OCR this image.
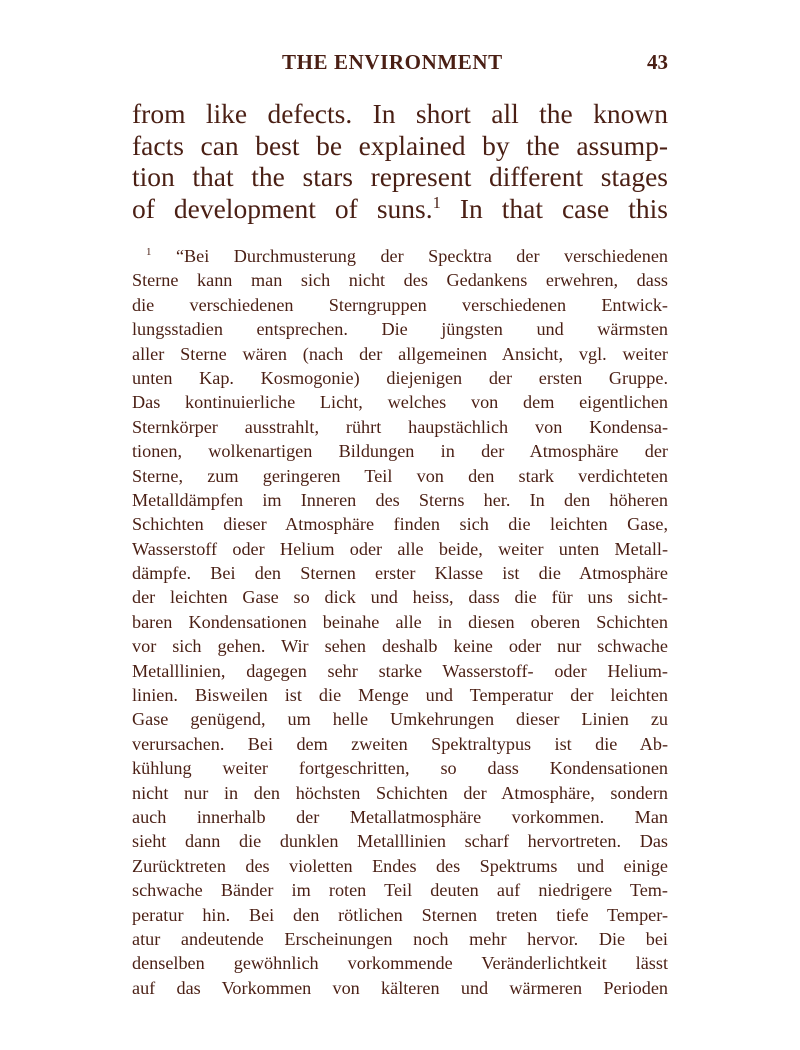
THE ENVIRONMENT	43
from like defects. In short all the known
facts can best be explained by the assump-
tion that the stars represent different stages
of development of suns.$^1$ In that case this
$^1$ “Bei Durchmusterung der Specktra der verschiedenen
Sterne kann man sich nicht des Gedankens erwehren, dass
die verschiedenen Sterngruppen verschiedenen Entwick-
lungsstadien entsprechen. Die jüngsten und wärmsten
aller Sterne wären (nach der allgemeinen Ansicht, vgl. weiter
unten Kap. Kosmogonie) diejenigen der ersten Gruppe.
Das kontinuierliche Licht, welches von dem eigentlichen
Sternkörper ausstrahlt, rührt haupstächlich von Kondensa-
tionen, wolkenartigen Bildungen in der Atmosphäre der
Sterne, zum geringeren Teil von den stark verdichteten
Metalldämpfen im Inneren des Sterns her. In den höheren
Schichten dieser Atmosphäre finden sich die leichten Gase,
Wasserstoff oder Helium oder alle beide, weiter unten Metall-
dämpfe. Bei den Sternen erster Klasse ist die Atmosphäre
der leichten Gase so dick und heiss, dass die für uns sicht-
baren Kondensationen beinahe alle in diesen oberen Schichten
vor sich gehen. Wir sehen deshalb keine oder nur schwache
Metalllinien, dagegen sehr starke Wasserstoff- oder Helium-
linien. Bisweilen ist die Menge und Temperatur der leichten
Gase genügend, um helle Umkehrungen dieser Linien zu
verursachen. Bei dem zweiten Spektraltypus ist die Ab-
kühlung weiter fortgeschritten, so dass Kondensationen
nicht nur in den höchsten Schichten der Atmosphäre, sondern
auch innerhalb der Metallatmosphäre vorkommen. Man
sieht dann die dunklen Metalllinien scharf hervortreten. Das
Zurücktreten des violetten Endes des Spektrums und einige
schwache Bänder im roten Teil deuten auf niedrigere Tem-
peratur hin. Bei den rötlichen Sternen treten tiefe Temper-
atur andeutende Erscheinungen noch mehr hervor. Die bei
denselben gewöhnlich vorkommende Veränderlichtkeit lässt
auf das Vorkommen von kälteren und wärmeren Perioden
